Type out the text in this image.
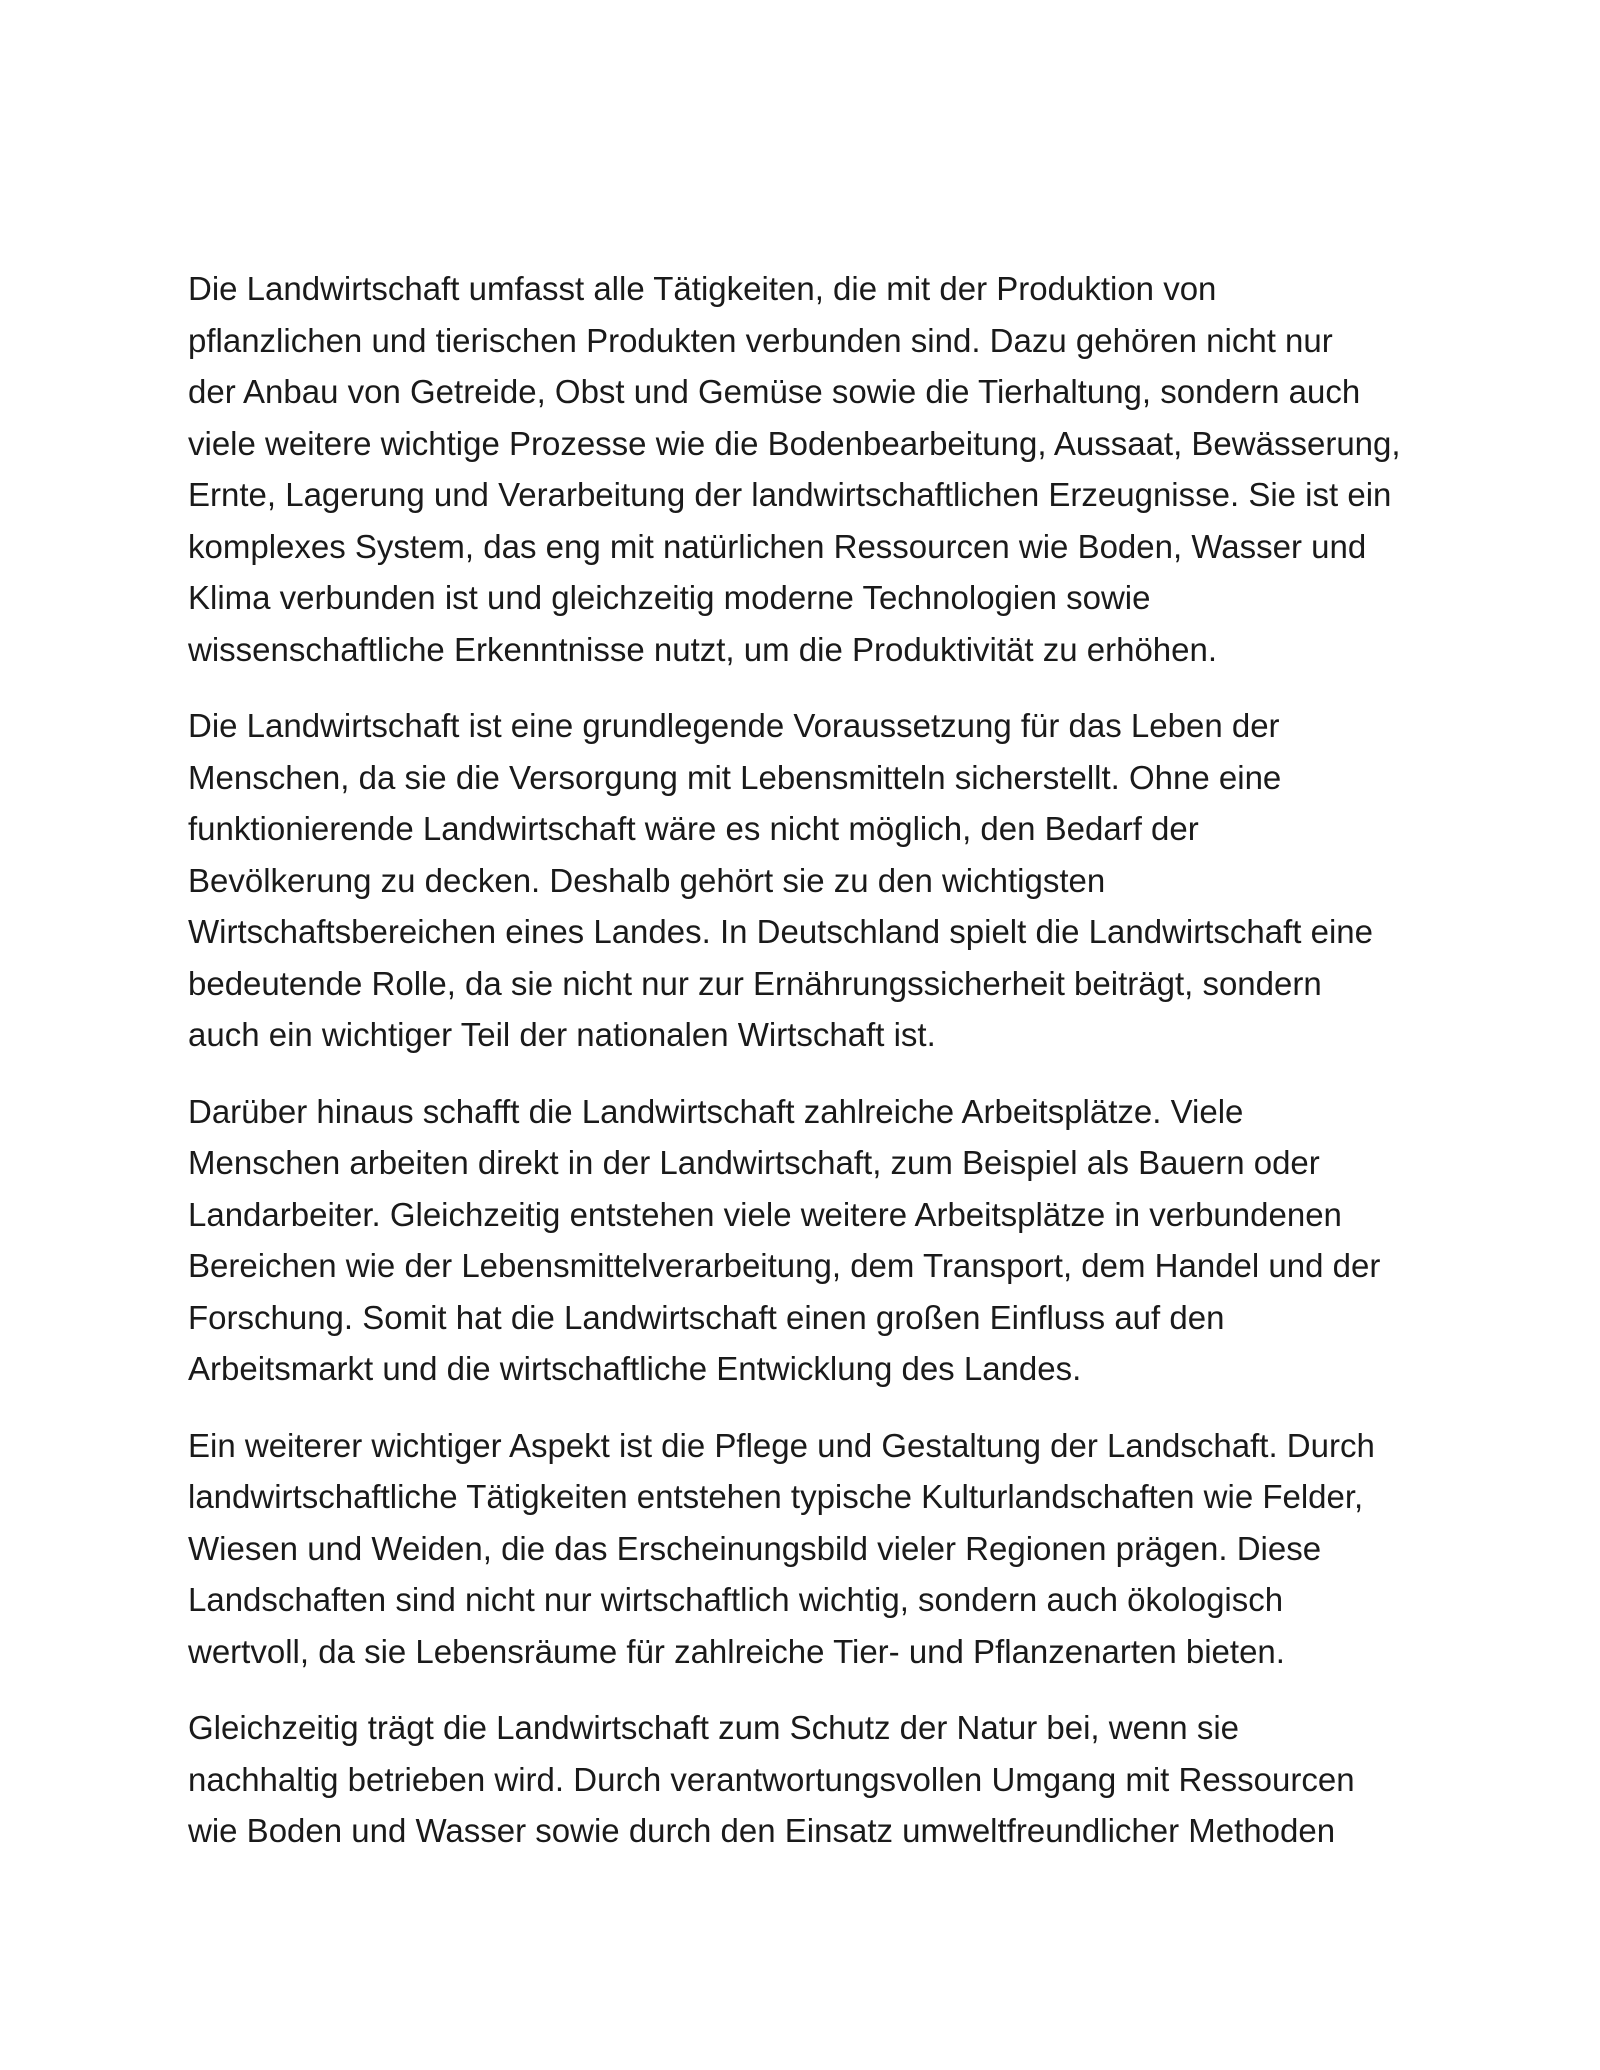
Die Landwirtschaft umfasst alle Tätigkeiten, die mit der Produktion von
pflanzlichen und tierischen Produkten verbunden sind. Dazu gehören nicht nur
der Anbau von Getreide, Obst und Gemüse sowie die Tierhaltung, sondern auch
viele weitere wichtige Prozesse wie die Bodenbearbeitung, Aussaat, Bewässerung,
Ernte, Lagerung und Verarbeitung der landwirtschaftlichen Erzeugnisse. Sie ist ein
komplexes System, das eng mit natürlichen Ressourcen wie Boden, Wasser und
Klima verbunden ist und gleichzeitig moderne Technologien sowie
wissenschaftliche Erkenntnisse nutzt, um die Produktivität zu erhöhen.

Die Landwirtschaft ist eine grundlegende Voraussetzung für das Leben der
Menschen, da sie die Versorgung mit Lebensmitteln sicherstellt. Ohne eine
funktionierende Landwirtschaft wäre es nicht möglich, den Bedarf der
Bevölkerung zu decken. Deshalb gehört sie zu den wichtigsten
Wirtschaftsbereichen eines Landes. In Deutschland spielt die Landwirtschaft eine
bedeutende Rolle, da sie nicht nur zur Ernährungssicherheit beiträgt, sondern
auch ein wichtiger Teil der nationalen Wirtschaft ist.

Darüber hinaus schafft die Landwirtschaft zahlreiche Arbeitsplätze. Viele
Menschen arbeiten direkt in der Landwirtschaft, zum Beispiel als Bauern oder
Landarbeiter. Gleichzeitig entstehen viele weitere Arbeitsplätze in verbundenen
Bereichen wie der Lebensmittelverarbeitung, dem Transport, dem Handel und der
Forschung. Somit hat die Landwirtschaft einen großen Einfluss auf den
Arbeitsmarkt und die wirtschaftliche Entwicklung des Landes.

Ein weiterer wichtiger Aspekt ist die Pflege und Gestaltung der Landschaft. Durch
landwirtschaftliche Tätigkeiten entstehen typische Kulturlandschaften wie Felder,
Wiesen und Weiden, die das Erscheinungsbild vieler Regionen prägen. Diese
Landschaften sind nicht nur wirtschaftlich wichtig, sondern auch ökologisch
wertvoll, da sie Lebensräume für zahlreiche Tier- und Pflanzenarten bieten.

Gleichzeitig trägt die Landwirtschaft zum Schutz der Natur bei, wenn sie
nachhaltig betrieben wird. Durch verantwortungsvollen Umgang mit Ressourcen
wie Boden und Wasser sowie durch den Einsatz umweltfreundlicher Methoden
